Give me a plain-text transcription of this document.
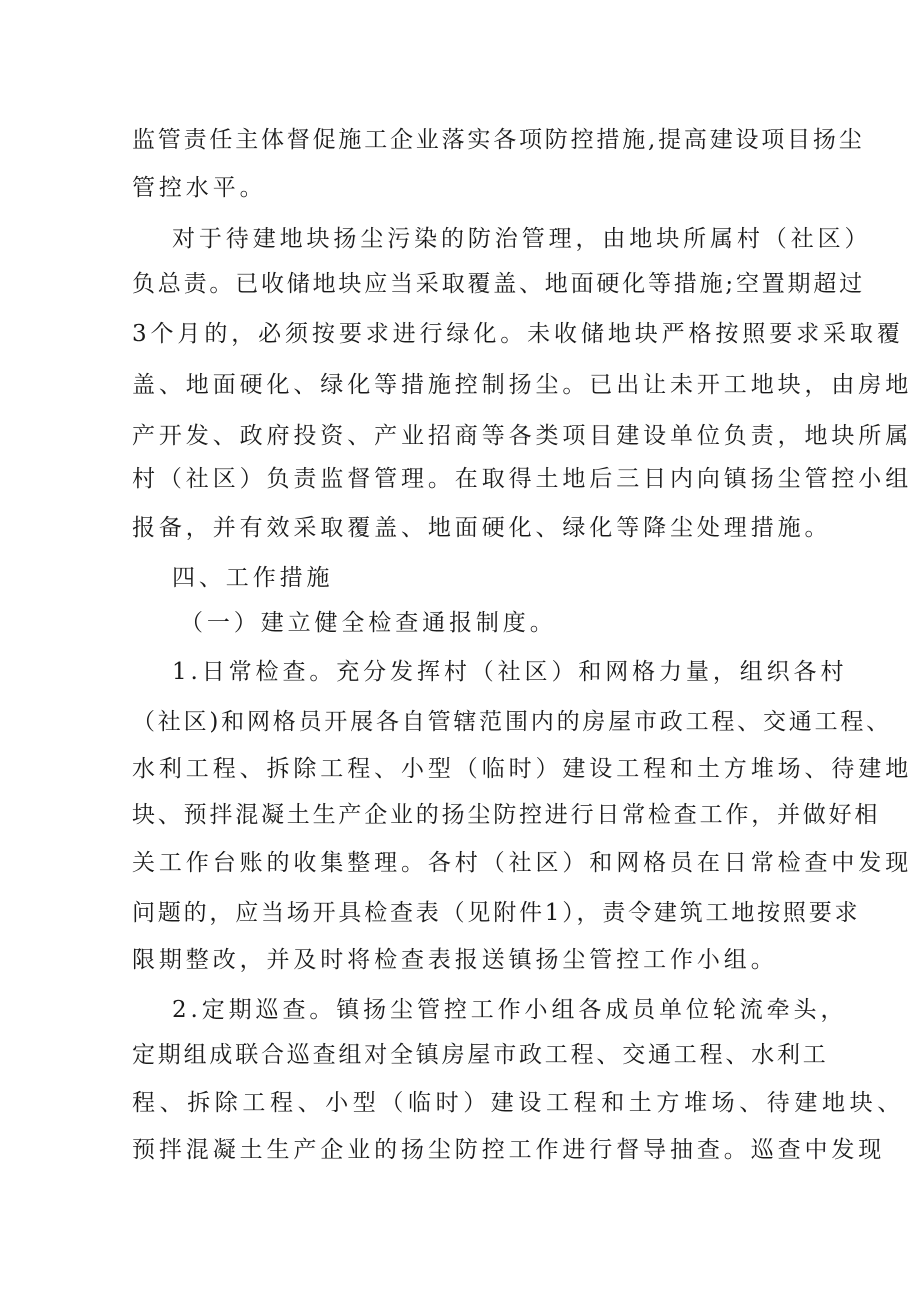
监管责任主体督促施工企业落实各项防控措施,提高建设项目扬尘
管控水平。
对于待建地块扬尘污染的防治管理，由地块所属村（社区）
负总责。已收储地块应当采取覆盖、地面硬化等措施;空置期超过
3个月的，必须按要求进行绿化。未收储地块严格按照要求采取覆
盖、地面硬化、绿化等措施控制扬尘。已出让未开工地块，由房地
产开发、政府投资、产业招商等各类项目建设单位负责，地块所属
村（社区）负责监督管理。在取得土地后三日内向镇扬尘管控小组
报备，并有效采取覆盖、地面硬化、绿化等降尘处理措施。
四、工作措施
（一）建立健全检查通报制度。
1.日常检查。充分发挥村（社区）和网格力量，组织各村
（社区)和网格员开展各自管辖范围内的房屋市政工程、交通工程、
水利工程、拆除工程、小型（临时）建设工程和土方堆场、待建地
块、预拌混凝土生产企业的扬尘防控进行日常检查工作，并做好相
关工作台账的收集整理。各村（社区）和网格员在日常检查中发现
问题的，应当场开具检查表（见附件1），责令建筑工地按照要求
限期整改，并及时将检查表报送镇扬尘管控工作小组。
2.定期巡查。镇扬尘管控工作小组各成员单位轮流牵头，
定期组成联合巡查组对全镇房屋市政工程、交通工程、水利工
程、拆除工程、小型（临时）建设工程和土方堆场、待建地块、
预拌混凝土生产企业的扬尘防控工作进行督导抽查。巡查中发现
